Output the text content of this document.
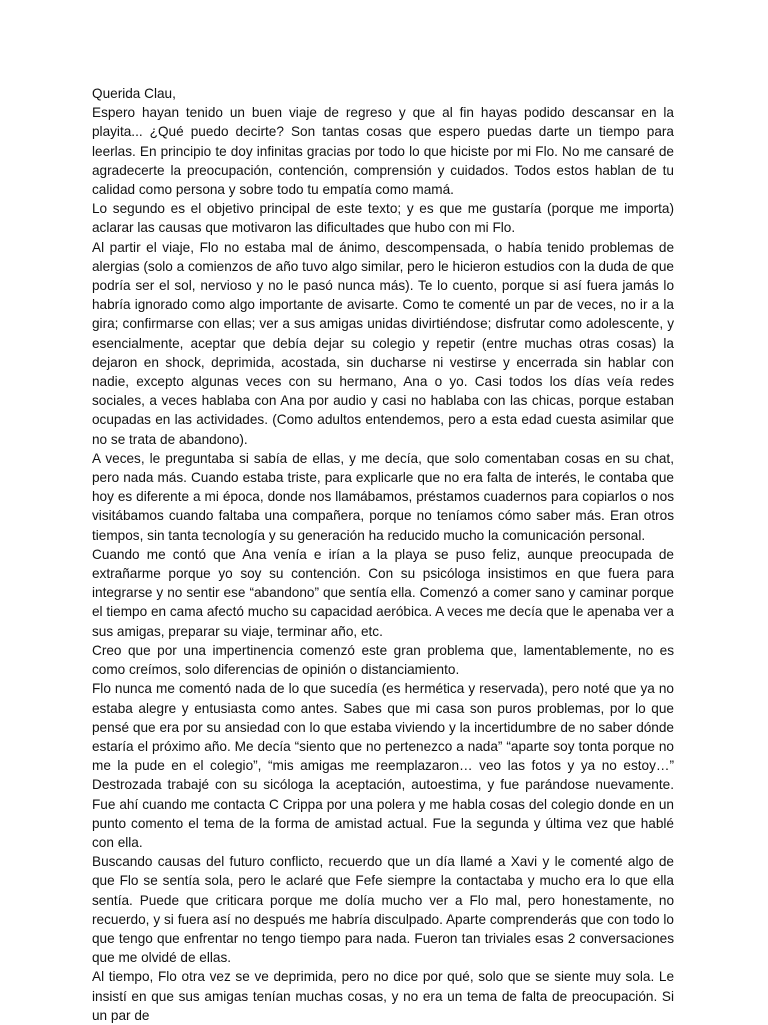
Querida Clau,

Espero hayan tenido un buen viaje de regreso y que al fin hayas podido descansar en la playita... ¿Qué puedo decirte? Son tantas cosas que espero puedas darte un tiempo para leerlas. En principio te doy infinitas gracias por todo lo que hiciste por mi Flo. No me cansaré de agradecerte la preocupación, contención, comprensión y cuidados. Todos estos hablan de tu calidad como persona y sobre todo tu empatía como mamá.

Lo segundo es el objetivo principal de este texto; y es que me gustaría (porque me importa) aclarar las causas que motivaron las dificultades que hubo con mi Flo.

Al partir el viaje, Flo no estaba mal de ánimo, descompensada, o había tenido problemas de alergias (solo a comienzos de año tuvo algo similar, pero le hicieron estudios con la duda de que podría ser el sol, nervioso y no le pasó nunca más). Te lo cuento, porque si así fuera jamás lo habría ignorado como algo importante de avisarte. Como te comenté un par de veces, no ir a la gira; confirmarse con ellas; ver a sus amigas unidas divirtiéndose; disfrutar como adolescente, y esencialmente, aceptar que debía dejar su colegio y repetir (entre muchas otras cosas) la dejaron en shock, deprimida, acostada, sin ducharse ni vestirse y encerrada sin hablar con nadie, excepto algunas veces con su hermano, Ana o yo. Casi todos los días veía redes sociales, a veces hablaba con Ana por audio y casi no hablaba con las chicas, porque estaban ocupadas en las actividades. (Como adultos entendemos, pero a esta edad cuesta asimilar que no se trata de abandono).

A veces, le preguntaba si sabía de ellas, y me decía, que solo comentaban cosas en su chat, pero nada más. Cuando estaba triste, para explicarle que no era falta de interés, le contaba que hoy es diferente a mi época, donde nos llamábamos, préstamos cuadernos para copiarlos o nos visitábamos cuando faltaba una compañera, porque no teníamos cómo saber más. Eran otros tiempos, sin tanta tecnología y su generación ha reducido mucho la comunicación personal.

Cuando me contó que Ana venía e irían a la playa se puso feliz, aunque preocupada de extrañarme porque yo soy su contención. Con su psicóloga insistimos en que fuera para integrarse y no sentir ese “abandono” que sentía ella. Comenzó a comer sano y caminar porque el tiempo en cama afectó mucho su capacidad aeróbica. A veces me decía que le apenaba ver a sus amigas, preparar su viaje, terminar año, etc.

Creo que por una impertinencia comenzó este gran problema que, lamentablemente, no es como creímos, solo diferencias de opinión o distanciamiento.

Flo nunca me comentó nada de lo que sucedía (es hermética y reservada), pero noté que ya no estaba alegre y entusiasta como antes. Sabes que mi casa son puros problemas, por lo que pensé que era por su ansiedad con lo que estaba viviendo y la incertidumbre de no saber dónde estaría el próximo año. Me decía “siento que no pertenezco a nada” “aparte soy tonta porque no me la pude en el colegio”, “mis amigas me reemplazaron… veo las fotos y ya no estoy…” Destrozada trabajé con su sicóloga la aceptación, autoestima, y fue parándose nuevamente. Fue ahí cuando me contacta C Crippa por una polera y me habla cosas del colegio donde en un punto comento el tema de la forma de amistad actual. Fue la segunda y última vez que hablé con ella.

Buscando causas del futuro conflicto, recuerdo que un día llamé a Xavi y le comenté algo de que Flo se sentía sola, pero le aclaré que Fefe siempre la contactaba y mucho era lo que ella sentía. Puede que criticara porque me dolía mucho ver a Flo mal, pero honestamente, no recuerdo, y si fuera así no después me habría disculpado. Aparte comprenderás que con todo lo que tengo que enfrentar no tengo tiempo para nada. Fueron tan triviales esas 2 conversaciones que me olvidé de ellas.

Al tiempo, Flo otra vez se ve deprimida, pero no dice por qué, solo que se siente muy sola. Le insistí en que sus amigas tenían muchas cosas, y no era un tema de falta de preocupación. Si un par de
